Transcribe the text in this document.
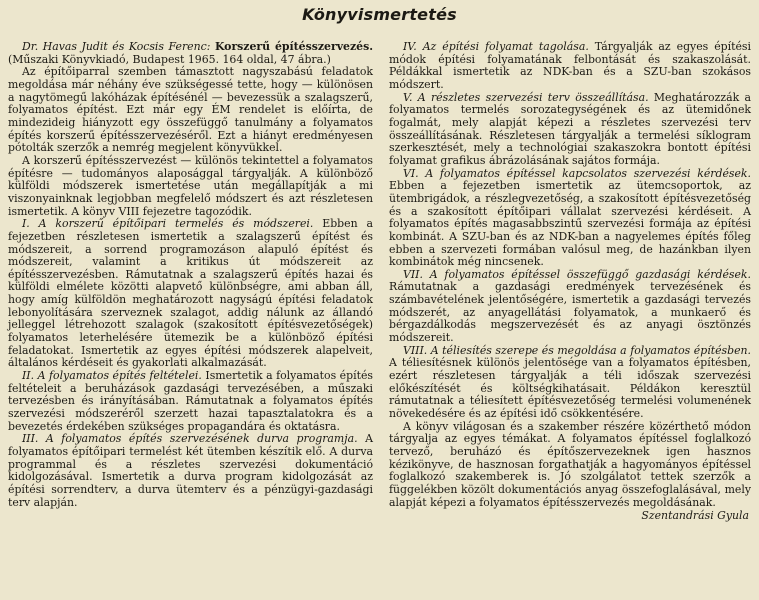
Könyvismertetés

Dr. Havas Judit és Kocsis Ferenc: Korszerű építésszervezés. (Műszaki Könyvkiadó, Budapest 1965. 164 oldal, 47 ábra.)

Az építőiparral szemben támasztott nagyszabású feladatok megoldása már néhány éve szükségessé tette, hogy — különösen a nagytömegű lakóházak építésénél — bevezessük a szalagszerű, folyamatos építést. Ezt már egy ÉM rendelet is előírta, de mindezideig hiányzott egy összefüggő tanulmány a folyamatos építés korszerű építésszervezéséről. Ezt a hiányt eredményesen pótolták szerzők a nemrég megjelent könyvükkel.

A korszerű építésszervezést — különös tekintettel a folyamatos építésre — tudományos alaposággal tárgyalják. A különböző külföldi módszerek ismertetése után megállapítják a mi viszonyainknak legjobban megfelelő módszert és azt részletesen ismertetik. A könyv VIII fejezetre tagozódik.

I. A korszerű építőipari termelés és módszerei. Ebben a fejezetben részletesen ismertetik a szalagszerű építést és módszereit, a sorrend programozáson alapuló építést és módszereit, valamint a kritikus út módszereit az építésszervezésben. Rámutatnak a szalagszerű építés hazai és külföldi elmélete közötti alapvető különbségre, ami abban áll, hogy amíg külföldön meghatározott nagyságú építési feladatok lebonyolítására szerveznek szalagot, addig nálunk az állandó jelleggel létrehozott szalagok (szakosított építésvezetőségek) folyamatos leterhelésére ütemezik be a különböző építési feladatokat. Ismertetik az egyes építési módszerek alapelveit, általános kérdéseit és gyakorlati alkalmazását.

II. A folyamatos építés feltételei. Ismertetik a folyamatos építés feltételeit a beruházások gazdasági tervezésében, a műszaki tervezésben és irányításában. Rámutatnak a folyamatos építés szervezési módszeréről szerzett hazai tapasztalatokra és a bevezetés érdekében szükséges propagandára és oktatásra.

III. A folyamatos építés szervezésének durva programja. A folyamatos építőipari termelést két ütemben készítik elő. A durva programmal és a részletes szervezési dokumentáció kidolgozásával. Ismertetik a durva program kidolgozását az építési sorrendterv, a durva ütemterv és a pénzügyi-gazdasági terv alapján.

IV. Az építési folyamat tagolása. Tárgyalják az egyes építési módok építési folyamatának felbontását és szakaszolását. Példákkal ismertetik az NDK-ban és a SZU-ban szokásos módszert.

V. A részletes szervezési terv összeállítása. Meghatározzák a folyamatos termelés sorozategységének és az ütemidőnek fogalmát, mely alapját képezi a részletes szervezési terv összeállításának. Részletesen tárgyalják a termelési síklogram szerkesztését, mely a technológiai szakaszokra bontott építési folyamat grafikus ábrázolásának sajátos formája.

VI. A folyamatos építéssel kapcsolatos szervezési kérdések. Ebben a fejezetben ismertetik az ütemcsoportok, az ütembrigádok, a részlegvezetőség, a szakosított építésvezetőség és a szakosított építőipari vállalat szervezési kérdéseit. A folyamatos építés magasabbszintű szervezési formája az építési kombinát. A SZU-ban és az NDK-ban a nagyelemes építés főleg ebben a szervezeti formában valósul meg, de hazánkban ilyen kombinátok még nincsenek.

VII. A folyamatos építéssel összefüggő gazdasági kérdések. Rámutatnak a gazdasági eredmények tervezésének és számbavételének jelentőségére, ismertetik a gazdasági tervezés módszerét, az anyagellátási folyamatok, a munkaerő és bérgazdálkodás megszervezését és az anyagi ösztönzés módszereit.

VIII. A téliesítés szerepe és megoldása a folyamatos építésben. A téliesítésnek különös jelentősége van a folyamatos építésben, ezért részletesen tárgyalják a téli időszak szervezési előkészítését és költségkihatásait. Példákon keresztül rámutatnak a téliesített építésvezetőség termelési volumenének növekedésére és az építési idő csökkentésére.

A könyv világosan és a szakember részére közérthető módon tárgyalja az egyes témákat. A folyamatos építéssel foglalkozó tervező, beruházó és építőszervezeknek igen hasznos kézikönyve, de hasznosan forgathatják a hagyományos építéssel foglalkozó szakemberek is. Jó szolgálatot tettek szerzők a függelékben közölt dokumentációs anyag összefoglalásával, mely alapját képezi a folyamatos építésszervezés megoldásának.

Szentandrási Gyula
